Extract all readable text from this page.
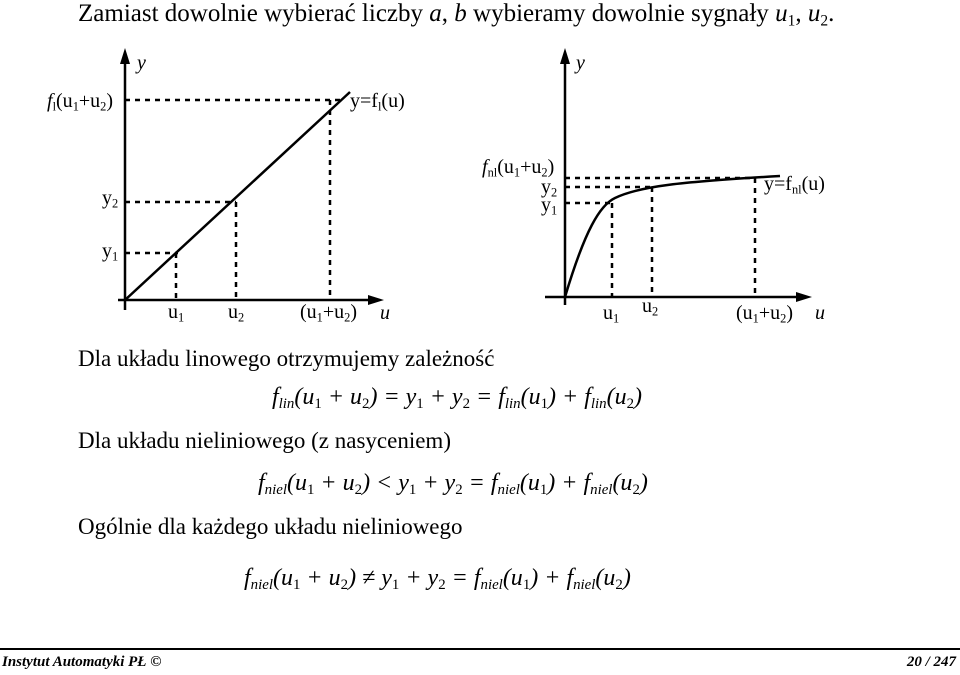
Zamiast dowolnie wybierać liczby a, b wybieramy dowolnie sygnały $u_1$, $u_2$.
y
u
$y=f_l(u)$
$f_l(u_1+u_2)$
$y_2$
$y_1$
$u_1$ $u_2$	$(u_1+u_2)$
y
u
$y=f_{nl}(u)$
$f_{nl}(u_1+u_2)$
$y_2$
$y_1$
$u_1$
$u_2$	$(u_1+u_2)$
Dla układu linowego otrzymujemy zależność
Dla układu nieliniowego (z nasyceniem)
Ogólnie dla każdego układu nieliniowego
$f_{lin}(u_1 + u_2) = y_1 + y_2 = f_{lin}(u_1) + f_{lin}(u_2)$
$f_{niel}(u_1 + u_2) < y_1 + y_2 = f_{niel}(u_1) + f_{niel}(u_2)$
$f_{niel}(u_1 + u_2) \ne y_1 + y_2 = f_{niel}(u_1) + f_{niel}(u_2)$
Instytut Automatyki PŁ ©	20 / 247
